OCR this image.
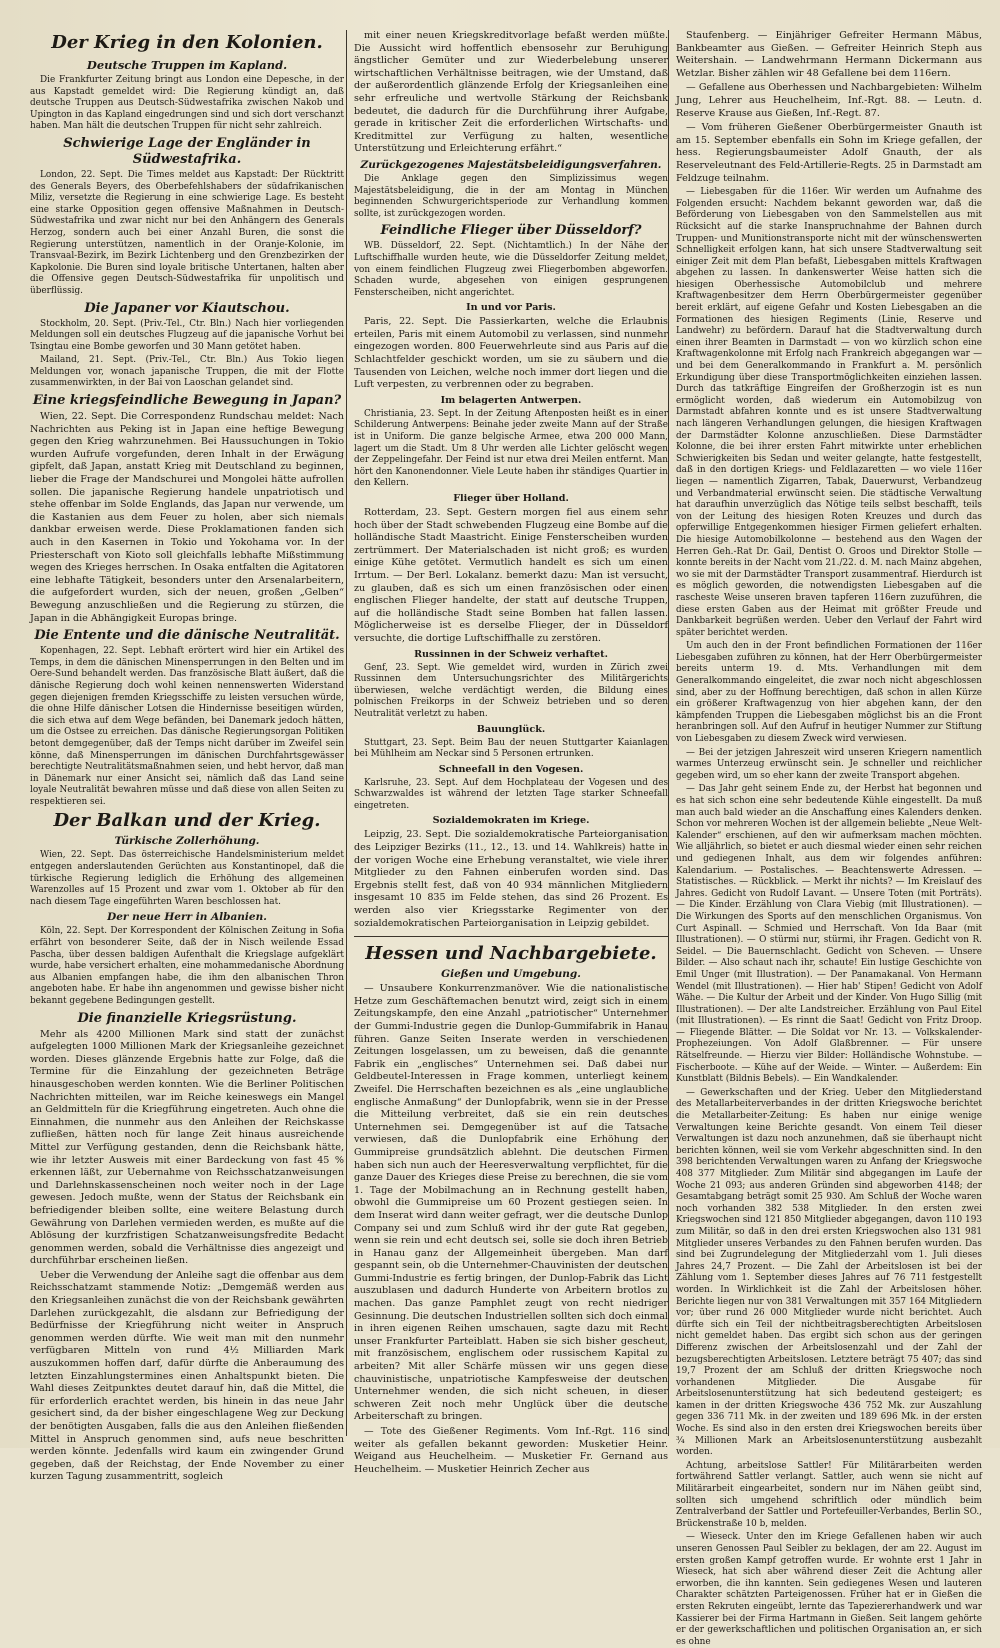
Der Krieg in den Kolonien.
Deutsche Truppen im Kapland.

Die Frankfurter Zeitung bringt aus London eine Depesche, in der aus Kapstadt gemeldet wird: Die Regierung kündigt an, daß deutsche Truppen aus Deutsch-Südwestafrika zwischen Nakob und Upington in das Kapland eingedrungen sind und sich dort verschanzt haben. Man hält die deutschen Truppen für nicht sehr zahlreich.

Schwierige Lage der Engländer in Südwestafrika.

London, 22. Sept. Die Times meldet aus Kapstadt: Der Rücktritt des Generals Beyers, des Oberbefehlshabers der südafrikanischen Miliz, versetzte die Regierung in eine schwierige Lage. Es besteht eine starke Opposition gegen offensive Maßnahmen in Deutsch-Südwestafrika und zwar nicht nur bei den Anhängern des Generals Herzog, sondern auch bei einer Anzahl Buren, die sonst die Regierung unterstützen, namentlich in der Oranje-Kolonie, im Transvaal-Bezirk, im Bezirk Lichtenberg und den Grenzbezirken der Kapkolonie. Die Buren sind loyale britische Untertanen, halten aber die Offensive gegen Deutsch-Südwestafrika für unpolitisch und überflüssig.

Die Japaner vor Kiautschou.

Stockholm, 20. Sept. (Priv.-Tel., Ctr. Bln.) Nach hier vorliegenden Meldungen soll ein deutsches Flugzeug auf die japanische Vorhut bei Tsingtau eine Bombe geworfen und 30 Mann getötet haben.

Mailand, 21. Sept. (Priv.-Tel., Ctr. Bln.) Aus Tokio liegen Meldungen vor, wonach japanische Truppen, die mit der Flotte zusammenwirkten, in der Bai von Laoschan gelandet sind.

Eine kriegsfeindliche Bewegung in Japan?

Wien, 22. Sept. Die Correspondenz Rundschau meldet: Nach Nachrichten aus Peking ist in Japan eine heftige Bewegung gegen den Krieg wahrzunehmen. Bei Haussuchungen in Tokio wurden Aufrufe vorgefunden, deren Inhalt in der Erwägung gipfelt, daß Japan, anstatt Krieg mit Deutschland zu beginnen, lieber die Frage der Mandschurei und Mongolei hätte aufrollen sollen. Die japanische Regierung handele unpatriotisch und stehe offenbar im Solde Englands, das Japan nur verwende, um die Kastanien aus dem Feuer zu holen, aber sich niemals dankbar erweisen werde. Diese Proklamationen fanden sich auch in den Kasernen in Tokio und Yokohama vor. In der Priesterschaft von Kioto soll gleichfalls lebhafte Mißstimmung wegen des Krieges herrschen. In Osaka entfalten die Agitatoren eine lebhafte Tätigkeit, besonders unter den Arsenalarbeitern, die aufgefordert wurden, sich der neuen, großen „Gelben“ Bewegung anzuschließen und die Regierung zu stürzen, die Japan in die Abhängigkeit Europas bringe.

Die Entente und die dänische Neutralität.

Kopenhagen, 22. Sept. Lebhaft erörtert wird hier ein Artikel des Temps, in dem die dänischen Minensperrungen in den Belten und im Oere-Sund behandelt werden. Das französische Blatt äußert, daß die dänische Regierung doch wohl keinen nennenswerten Widerstand gegen diejenigen fremden Kriegsschiffe zu leisten versuchen würde, die ohne Hilfe dänischer Lotsen die Hindernisse beseitigen würden, die sich etwa auf dem Wege befänden, bei Danemark jedoch hätten, um die Ostsee zu erreichen. Das dänische Regierungsorgan Politiken betont demgegenüber, daß der Temps nicht darüber im Zweifel sein könne, daß Minensperrungen im dänischen Durchfahrtsgewässer berechtigte Neutralitätsmaßnahmen seien, und hebt hervor, daß man in Dänemark nur einer Ansicht sei, nämlich daß das Land seine loyale Neutralität bewahren müsse und daß diese von allen Seiten zu respektieren sei.

Der Balkan und der Krieg.
Türkische Zollerhöhung.

Wien, 22. Sept. Das österreichische Handelsministerium meldet entgegen anderslautenden Gerüchten aus Konstantinopel, daß die türkische Regierung lediglich die Erhöhung des allgemeinen Warenzolles auf 15 Prozent und zwar vom 1. Oktober ab für den nach diesem Tage eingeführten Waren beschlossen hat.

Der neue Herr in Albanien.

Köln, 22. Sept. Der Korrespondent der Kölnischen Zeitung in Sofia erfährt von besonderer Seite, daß der in Nisch weilende Essad Pascha, über dessen baldigen Aufenthalt die Kriegslage aufgeklärt wurde, habe versichert erhalten, eine mohammedanische Abordnung aus Albanien empfangen habe, die ihm den albanischen Thron angeboten habe. Er habe ihn angenommen und gewisse bisher nicht bekannt gegebene Bedingungen gestellt.

Die finanzielle Kriegsrüstung.

Mehr als 4200 Millionen Mark sind statt der zunächst aufgelegten 1000 Millionen Mark der Kriegsanleihe gezeichnet worden. Dieses glänzende Ergebnis hatte zur Folge, daß die Termine für die Einzahlung der gezeichneten Beträge hinausgeschoben werden konnten. Wie die Berliner Politischen Nachrichten mitteilen, war im Reiche keineswegs ein Mangel an Geldmitteln für die Kriegführung eingetreten. Auch ohne die Einnahmen, die nunmehr aus den Anleihen der Reichskasse zufließen, hätten noch für lange Zeit hinaus ausreichende Mittel zur Verfügung gestanden, denn die Reichsbank hätte, wie ihr letzter Ausweis mit einer Bardeckung von fast 45 % erkennen läßt, zur Uebernahme von Reichsschatzanweisungen und Darlehnskassenscheinen noch weiter noch in der Lage gewesen. Jedoch mußte, wenn der Status der Reichsbank ein befriedigender bleiben sollte, eine weitere Belastung durch Gewährung von Darlehen vermieden werden, es mußte auf die Ablösung der kurzfristigen Schatzanweisungsfredite Bedacht genommen werden, sobald die Verhältnisse dies angezeigt und durchführbar erscheinen ließen.

Ueber die Verwendung der Anleihe sagt die offenbar aus dem Reichsschatzamt stammende Notiz: „Demgemäß werden aus den Kriegsanleihen zunächst die von der Reichsbank gewährten Darlehen zurückgezahlt, die alsdann zur Befriedigung der Bedürfnisse der Kriegführung nicht weiter in Anspruch genommen werden dürfte. Wie weit man mit den nunmehr verfügbaren Mitteln von rund 4½ Milliarden Mark auszukommen hoffen darf, dafür dürfte die Anberaumung des letzten Einzahlungstermines einen Anhaltspunkt bieten. Die Wahl dieses Zeitpunktes deutet darauf hin, daß die Mittel, die für erforderlich erachtet werden, bis hinein in das neue Jahr gesichert sind, da der bisher eingeschlagene Weg zur Deckung der benötigten Ausgaben, falls die aus den Anleihen fließenden Mittel in Anspruch genommen sind, aufs neue beschritten werden könnte. Jedenfalls wird kaum ein zwingender Grund gegeben, daß der Reichstag, der Ende November zu einer kurzen Tagung zusammentritt, sogleich

mit einer neuen Kriegskreditvorlage befaßt werden müßte. Die Aussicht wird hoffentlich ebensosehr zur Beruhigung ängstlicher Gemüter und zur Wiederbelebung unserer wirtschaftlichen Verhältnisse beitragen, wie der Umstand, daß der außerordentlich glänzende Erfolg der Kriegsanleihen eine sehr erfreuliche und wertvolle Stärkung der Reichsbank bedeutet, die dadurch für die Durchführung ihrer Aufgabe, gerade in kritischer Zeit die erforderlichen Wirtschafts- und Kreditmittel zur Verfügung zu halten, wesentliche Unterstützung und Erleichterung erfährt.“

Zurückgezogenes Majestätsbeleidigungsverfahren.

Die Anklage gegen den Simplizissimus wegen Majestätsbeleidigung, die in der am Montag in München beginnenden Schwurgerichtsperiode zur Verhandlung kommen sollte, ist zurückgezogen worden.

Feindliche Flieger über Düsseldorf?

WB. Düsseldorf, 22. Sept. (Nichtamtlich.) In der Nähe der Luftschiffhalle wurden heute, wie die Düsseldorfer Zeitung meldet, von einem feindlichen Flugzeug zwei Fliegerbomben abgeworfen. Schaden wurde, abgesehen von einigen gesprungenen Fensterscheiben, nicht angerichtet.

In und vor Paris.

Paris, 22. Sept. Die Passierkarten, welche die Erlaubnis erteilen, Paris mit einem Automobil zu verlassen, sind nunmehr eingezogen worden. 800 Feuerwehrleute sind aus Paris auf die Schlachtfelder geschickt worden, um sie zu säubern und die Tausenden von Leichen, welche noch immer dort liegen und die Luft verpesten, zu verbrennen oder zu begraben.

Im belagerten Antwerpen.

Christiania, 23. Sept. In der Zeitung Aftenposten heißt es in einer Schilderung Antwerpens: Beinahe jeder zweite Mann auf der Straße ist in Uniform. Die ganze belgische Armee, etwa 200 000 Mann, lagert um die Stadt. Um 8 Uhr werden alle Lichter gelöscht wegen der Zeppelingefahr. Der Feind ist nur etwa drei Meilen entfernt. Man hört den Kanonendonner. Viele Leute haben ihr ständiges Quartier in den Kellern.

Flieger über Holland.

Rotterdam, 23. Sept. Gestern morgen fiel aus einem sehr hoch über der Stadt schwebenden Flugzeug eine Bombe auf die holländische Stadt Maastricht. Einige Fensterscheiben wurden zertrümmert. Der Materialschaden ist nicht groß; es wurden einige Kühe getötet. Vermutlich handelt es sich um einen Irrtum. — Der Berl. Lokalanz. bemerkt dazu: Man ist versucht, zu glauben, daß es sich um einen französischen oder einen englischen Flieger handelte, der statt auf deutsche Truppen, auf die holländische Stadt seine Bomben hat fallen lassen. Möglicherweise ist es derselbe Flieger, der in Düsseldorf versuchte, die dortige Luftschiffhalle zu zerstören.

Russinnen in der Schweiz verhaftet.

Genf, 23. Sept. Wie gemeldet wird, wurden in Zürich zwei Russinnen dem Untersuchungsrichter des Militärgerichts überwiesen, welche verdächtigt werden, die Bildung eines polnischen Freikorps in der Schweiz betrieben und so deren Neutralität verletzt zu haben.

Bauunglück.

Stuttgart, 23. Sept. Beim Bau der neuen Stuttgarter Kaianlagen bei Mühlheim am Neckar sind 5 Personen ertrunken.

Schneefall in den Vogesen.

Karlsruhe, 23. Sept. Auf dem Hochplateau der Vogesen und des Schwarzwaldes ist während der letzten Tage starker Schneefall eingetreten.

Sozialdemokraten im Kriege.

Leipzig, 23. Sept. Die sozialdemokratische Parteiorganisation des Leipziger Bezirks (11., 12., 13. und 14. Wahlkreis) hatte in der vorigen Woche eine Erhebung veranstaltet, wie viele ihrer Mitglieder zu den Fahnen einberufen worden sind. Das Ergebnis stellt fest, daß von 40 934 männlichen Mitgliedern insgesamt 10 835 im Felde stehen, das sind 26 Prozent. Es werden also vier Kriegsstarke Regimenter von der sozialdemokratischen Parteiorganisation in Leipzig gebildet.

Hessen und Nachbargebiete.
Gießen und Umgebung.

— Unsaubere Konkurrenzmanöver. Wie die nationalistische Hetze zum Geschäftemachen benutzt wird, zeigt sich in einem Zeitungskampfe, den eine Anzahl „patriotischer“ Unternehmer der Gummi-Industrie gegen die Dunlop-Gummifabrik in Hanau führen. Ganze Seiten Inserate werden in verschiedenen Zeitungen losgelassen, um zu beweisen, daß die genannte Fabrik ein „englisches“ Unternehmen sei. Daß dabei nur Geldbeutel-Interessen in Frage kommen, unterliegt keinem Zweifel. Die Herrschaften bezeichnen es als „eine unglaubliche englische Anmaßung“ der Dunlopfabrik, wenn sie in der Presse die Mitteilung verbreitet, daß sie ein rein deutsches Unternehmen sei. Demgegenüber ist auf die Tatsache verwiesen, daß die Dunlopfabrik eine Erhöhung der Gummipreise grundsätzlich ablehnt. Die deutschen Firmen haben sich nun auch der Heeresverwaltung verpflichtet, für die ganze Dauer des Krieges diese Preise zu berechnen, die sie vom 1. Tage der Mobilmachung an in Rechnung gestellt haben, obwohl die Gummipreise um 60 Prozent gestiegen seien. In dem Inserat wird dann weiter gefragt, wer die deutsche Dunlop Company sei und zum Schluß wird ihr der gute Rat gegeben, wenn sie rein und echt deutsch sei, solle sie doch ihren Betrieb in Hanau ganz der Allgemeinheit übergeben. Man darf gespannt sein, ob die Unternehmer-Chauvinisten der deutschen Gummi-Industrie es fertig bringen, der Dunlop-Fabrik das Licht auszublasen und dadurch Hunderte von Arbeitern brotlos zu machen. Das ganze Pamphlet zeugt von recht niedriger Gesinnung. Die deutschen Industriellen sollten sich doch einmal in ihren eigenen Reihen umschauen, sagte dazu mit Recht unser Frankfurter Parteiblatt. Haben sie sich bisher gescheut, mit französischem, englischem oder russischem Kapital zu arbeiten? Mit aller Schärfe müssen wir uns gegen diese chauvinistische, unpatriotische Kampfesweise der deutschen Unternehmer wenden, die sich nicht scheuen, in dieser schweren Zeit noch mehr Unglück über die deutsche Arbeiterschaft zu bringen.

— Tote des Gießener Regiments. Vom Inf.-Rgt. 116 sind weiter als gefallen bekannt geworden: Musketier Heinr. Weigand aus Heuchelheim. — Musketier Fr. Gernand aus Heuchelheim. — Musketier Heinrich Zecher aus

Staufenberg. — Einjähriger Gefreiter Hermann Mäbus, Bankbeamter aus Gießen. — Gefreiter Heinrich Steph aus Weitershain. — Landwehrmann Hermann Dickermann aus Wetzlar. Bisher zählen wir 48 Gefallene bei dem 116ern.

— Gefallene aus Oberhessen und Nachbargebieten: Wilhelm Jung, Lehrer aus Heuchelheim, Inf.-Rgt. 88. — Leutn. d. Reserve Krause aus Gießen, Inf.-Regt. 87.

— Vom früheren Gießener Oberbürgermeister Gnauth ist am 15. September ebenfalls ein Sohn im Kriege gefallen, der hess. Regierungsbaumeister Adolf Gnauth, der als Reserveleutnant des Feld-Artillerie-Regts. 25 in Darmstadt am Feldzuge teilnahm.

— Liebesgaben für die 116er. Wir werden um Aufnahme des Folgenden ersucht: Nachdem bekannt geworden war, daß die Beförderung von Liebesgaben von den Sammelstellen aus mit Rücksicht auf die starke Inanspruchnahme der Bahnen durch Truppen- und Munitionstransporte nicht mit der wünschenswerten Schnelligkeit erfolgen kann, hat sich unsere Stadtverwaltung seit einiger Zeit mit dem Plan befaßt, Liebesgaben mittels Kraftwagen abgehen zu lassen. In dankenswerter Weise hatten sich die hiesigen Oberhessische Automobilclub und mehrere Kraftwagenbesitzer dem Herrn Oberbürgermeister gegenüber bereit erklärt, auf eigene Gefahr und Kosten Liebesgaben an die Formationen des hiesigen Regiments (Linie, Reserve und Landwehr) zu befördern. Darauf hat die Stadtverwaltung durch einen ihrer Beamten in Darmstadt — von wo kürzlich schon eine Kraftwagenkolonne mit Erfolg nach Frankreich abgegangen war — und bei dem Generalkommando in Frankfurt a. M. persönlich Erkundigung über diese Transportmöglichkeiten einziehen lassen. Durch das tatkräftige Eingreifen der Großherzogin ist es nun ermöglicht worden, daß wiederum ein Automobilzug von Darmstadt abfahren konnte und es ist unsere Stadtverwaltung nach längeren Verhandlungen gelungen, die hiesigen Kraftwagen der Darmstädter Kolonne anzuschließen. Diese Darmstädter Kolonne, die bei ihrer ersten Fahrt mitwirkte unter erheblichen Schwierigkeiten bis Sedan und weiter gelangte, hatte festgestellt, daß in den dortigen Kriegs- und Feldlazaretten — wo viele 116er liegen — namentlich Zigarren, Tabak, Dauerwurst, Verbandzeug und Verbandmaterial erwünscht seien. Die städtische Verwaltung hat daraufhin unverzüglich das Nötige teils selbst beschafft, teils von der Leitung des hiesigen Roten Kreuzes und durch das opferwillige Entgegenkommen hiesiger Firmen geliefert erhalten. Die hiesige Automobilkolonne — bestehend aus den Wagen der Herren Geh.-Rat Dr. Gail, Dentist O. Groos und Direktor Stolle — konnte bereits in der Nacht vom 21./22. d. M. nach Mainz abgehen, wo sie mit der Darmstädter Transport zusammentraf. Hierdurch ist es möglich geworden, die notwendigsten Liebesgaben auf die rascheste Weise unseren braven tapferen 116ern zuzuführen, die diese ersten Gaben aus der Heimat mit größter Freude und Dankbarkeit begrüßen werden. Ueber den Verlauf der Fahrt wird später berichtet werden.

Um auch den in der Front befindlichen Formationen der 116er Liebesgaben zuführen zu können, hat der Herr Oberbürgermeister bereits unterm 19. d. Mts. Verhandlungen mit dem Generalkommando eingeleitet, die zwar noch nicht abgeschlossen sind, aber zu der Hoffnung berechtigen, daß schon in allen Kürze ein größerer Kraftwagenzug von hier abgehen kann, der den kämpfenden Truppen die Liebesgaben möglichst bis an die Front heranbringen soll. Auf den Aufruf in heutiger Nummer zur Stiftung von Liebesgaben zu diesem Zweck wird verwiesen.

— Bei der jetzigen Jahreszeit wird unseren Kriegern namentlich warmes Unterzeug erwünscht sein. Je schneller und reichlicher gegeben wird, um so eher kann der zweite Transport abgehen.

— Das Jahr geht seinem Ende zu, der Herbst hat begonnen und es hat sich schon eine sehr bedeutende Kühle eingestellt. Da muß man auch bald wieder an die Anschaffung eines Kalenders denken. Schon vor mehreren Wochen ist der allgemein beliebte „Neue Welt-Kalender“ erschienen, auf den wir aufmerksam machen möchten. Wie alljährlich, so bietet er auch diesmal wieder einen sehr reichen und gediegenen Inhalt, aus dem wir folgendes anführen: Kalendarium. — Postalisches. — Beachtenswerte Adressen. — Statistisches. — Rückblick. — Merkt ihr nichts? — Im Kreislauf des Jahres. Gedicht von Rudolf Lavant. — Unsere Toten (mit Porträts). — Die Kinder. Erzählung von Clara Viebig (mit Illustrationen). — Die Wirkungen des Sports auf den menschlichen Organismus. Von Curt Aspinall. — Schmied und Herrschaft. Von Ida Baar (mit Illustrationen). — O stürmi nur, stürmi, ihr Fragen. Gedicht von R. Seidel. — Die Bauernschlacht. Gedicht von Scheven. — Unsere Bilder. — Also schaut nach ihr, schaute! Ein lustige Geschichte von Emil Unger (mit Illustration). — Der Panamakanal. Von Hermann Wendel (mit Illustrationen). — Hier hab' Stipen! Gedicht von Adolf Wähe. — Die Kultur der Arbeit und der Kinder. Von Hugo Sillig (mit Illustrationen). — Der alte Landstreicher. Erzählung von Paul Eitel (mit Illustrationen). — Es rinnt die Saat! Gedicht von Fritz Droop. — Fliegende Blätter. — Die Soldat vor Nr. 13. — Volkskalender-Prophezeiungen. Von Adolf Glaßbrenner. — Für unsere Rätselfreunde. — Hierzu vier Bilder: Holländische Wohnstube. — Fischerboote. — Kühe auf der Weide. — Winter. — Außerdem: Ein Kunstblatt (Bildnis Bebels). — Ein Wandkalender.

— Gewerkschaften und der Krieg. Ueber den Mitgliederstand des Metallarbeiterverbandes in der dritten Kriegswoche berichtet die Metallarbeiter-Zeitung: Es haben nur einige wenige Verwaltungen keine Berichte gesandt. Von einem Teil dieser Verwaltungen ist dazu noch anzunehmen, daß sie überhaupt nicht berichten können, weil sie vom Verkehr abgeschnitten sind. In den 398 berichtenden Verwaltungen waren zu Anfang der Kriegswoche 408 377 Mitglieder. Zum Militär sind abgegangen im Laufe der Woche 21 093; aus anderen Gründen sind abgeworben 4148; der Gesamtabgang beträgt somit 25 930. Am Schluß der Woche waren noch vorhanden 382 538 Mitglieder. In den ersten zwei Kriegswochen sind 121 850 Mitglieder abgegangen, davon 110 193 zum Militär, so daß in den drei ersten Kriegswochen also 131 981 Mitglieder unseres Verbandes zu den Fahnen berufen wurden. Das sind bei Zugrundelegung der Mitgliederzahl vom 1. Juli dieses Jahres 24,7 Prozent. — Die Zahl der Arbeitslosen ist bei der Zählung vom 1. September dieses Jahres auf 76 711 festgestellt worden. In Wirklichkeit ist die Zahl der Arbeitslosen höher. Berichte liegen nur von 381 Verwaltungen mit 357 164 Mitgliedern vor; über rund 26 000 Mitglieder wurde nicht berichtet. Auch dürfte sich ein Teil der nichtbeitragsberechtigten Arbeitslosen nicht gemeldet haben. Das ergibt sich schon aus der geringen Differenz zwischen der Arbeitslosenzahl und der Zahl der bezugsberechtigten Arbeitslosen. Letztere beträgt 75 407; das sind 19,7 Prozent der am Schluß der dritten Kriegswoche noch vorhandenen Mitglieder. Die Ausgabe für Arbeitslosenunterstützung hat sich bedeutend gesteigert; es kamen in der dritten Kriegswoche 436 752 Mk. zur Auszahlung gegen 336 711 Mk. in der zweiten und 189 696 Mk. in der ersten Woche. Es sind also in den ersten drei Kriegswochen bereits über ¾ Millionen Mark an Arbeitslosenunterstützung ausbezahlt worden.

Achtung, arbeitslose Sattler! Für Militärarbeiten werden fortwährend Sattler verlangt. Sattler, auch wenn sie nicht auf Militärarbeit eingearbeitet, sondern nur im Nähen geübt sind, sollten sich umgehend schriftlich oder mündlich beim Zentralverband der Sattler und Portefeuiller-Verbandes, Berlin SO., Brückenstraße 10 b, melden.

— Wieseck. Unter den im Kriege Gefallenen haben wir auch unseren Genossen Paul Seibler zu beklagen, der am 22. August im ersten großen Kampf getroffen wurde. Er wohnte erst 1 Jahr in Wieseck, hat sich aber während dieser Zeit die Achtung aller erworben, die ihn kannten. Sein gediegenes Wesen und lauteren Charakter schätzten Parteigenossen. Früher hat er in Gießen die ersten Rekruten eingeübt, lernte das Tapeziererhandwerk und war Kassierer bei der Firma Hartmann in Gießen. Seit langem gehörte er der gewerkschaftlichen und politischen Organisation an, er sich es ohne
